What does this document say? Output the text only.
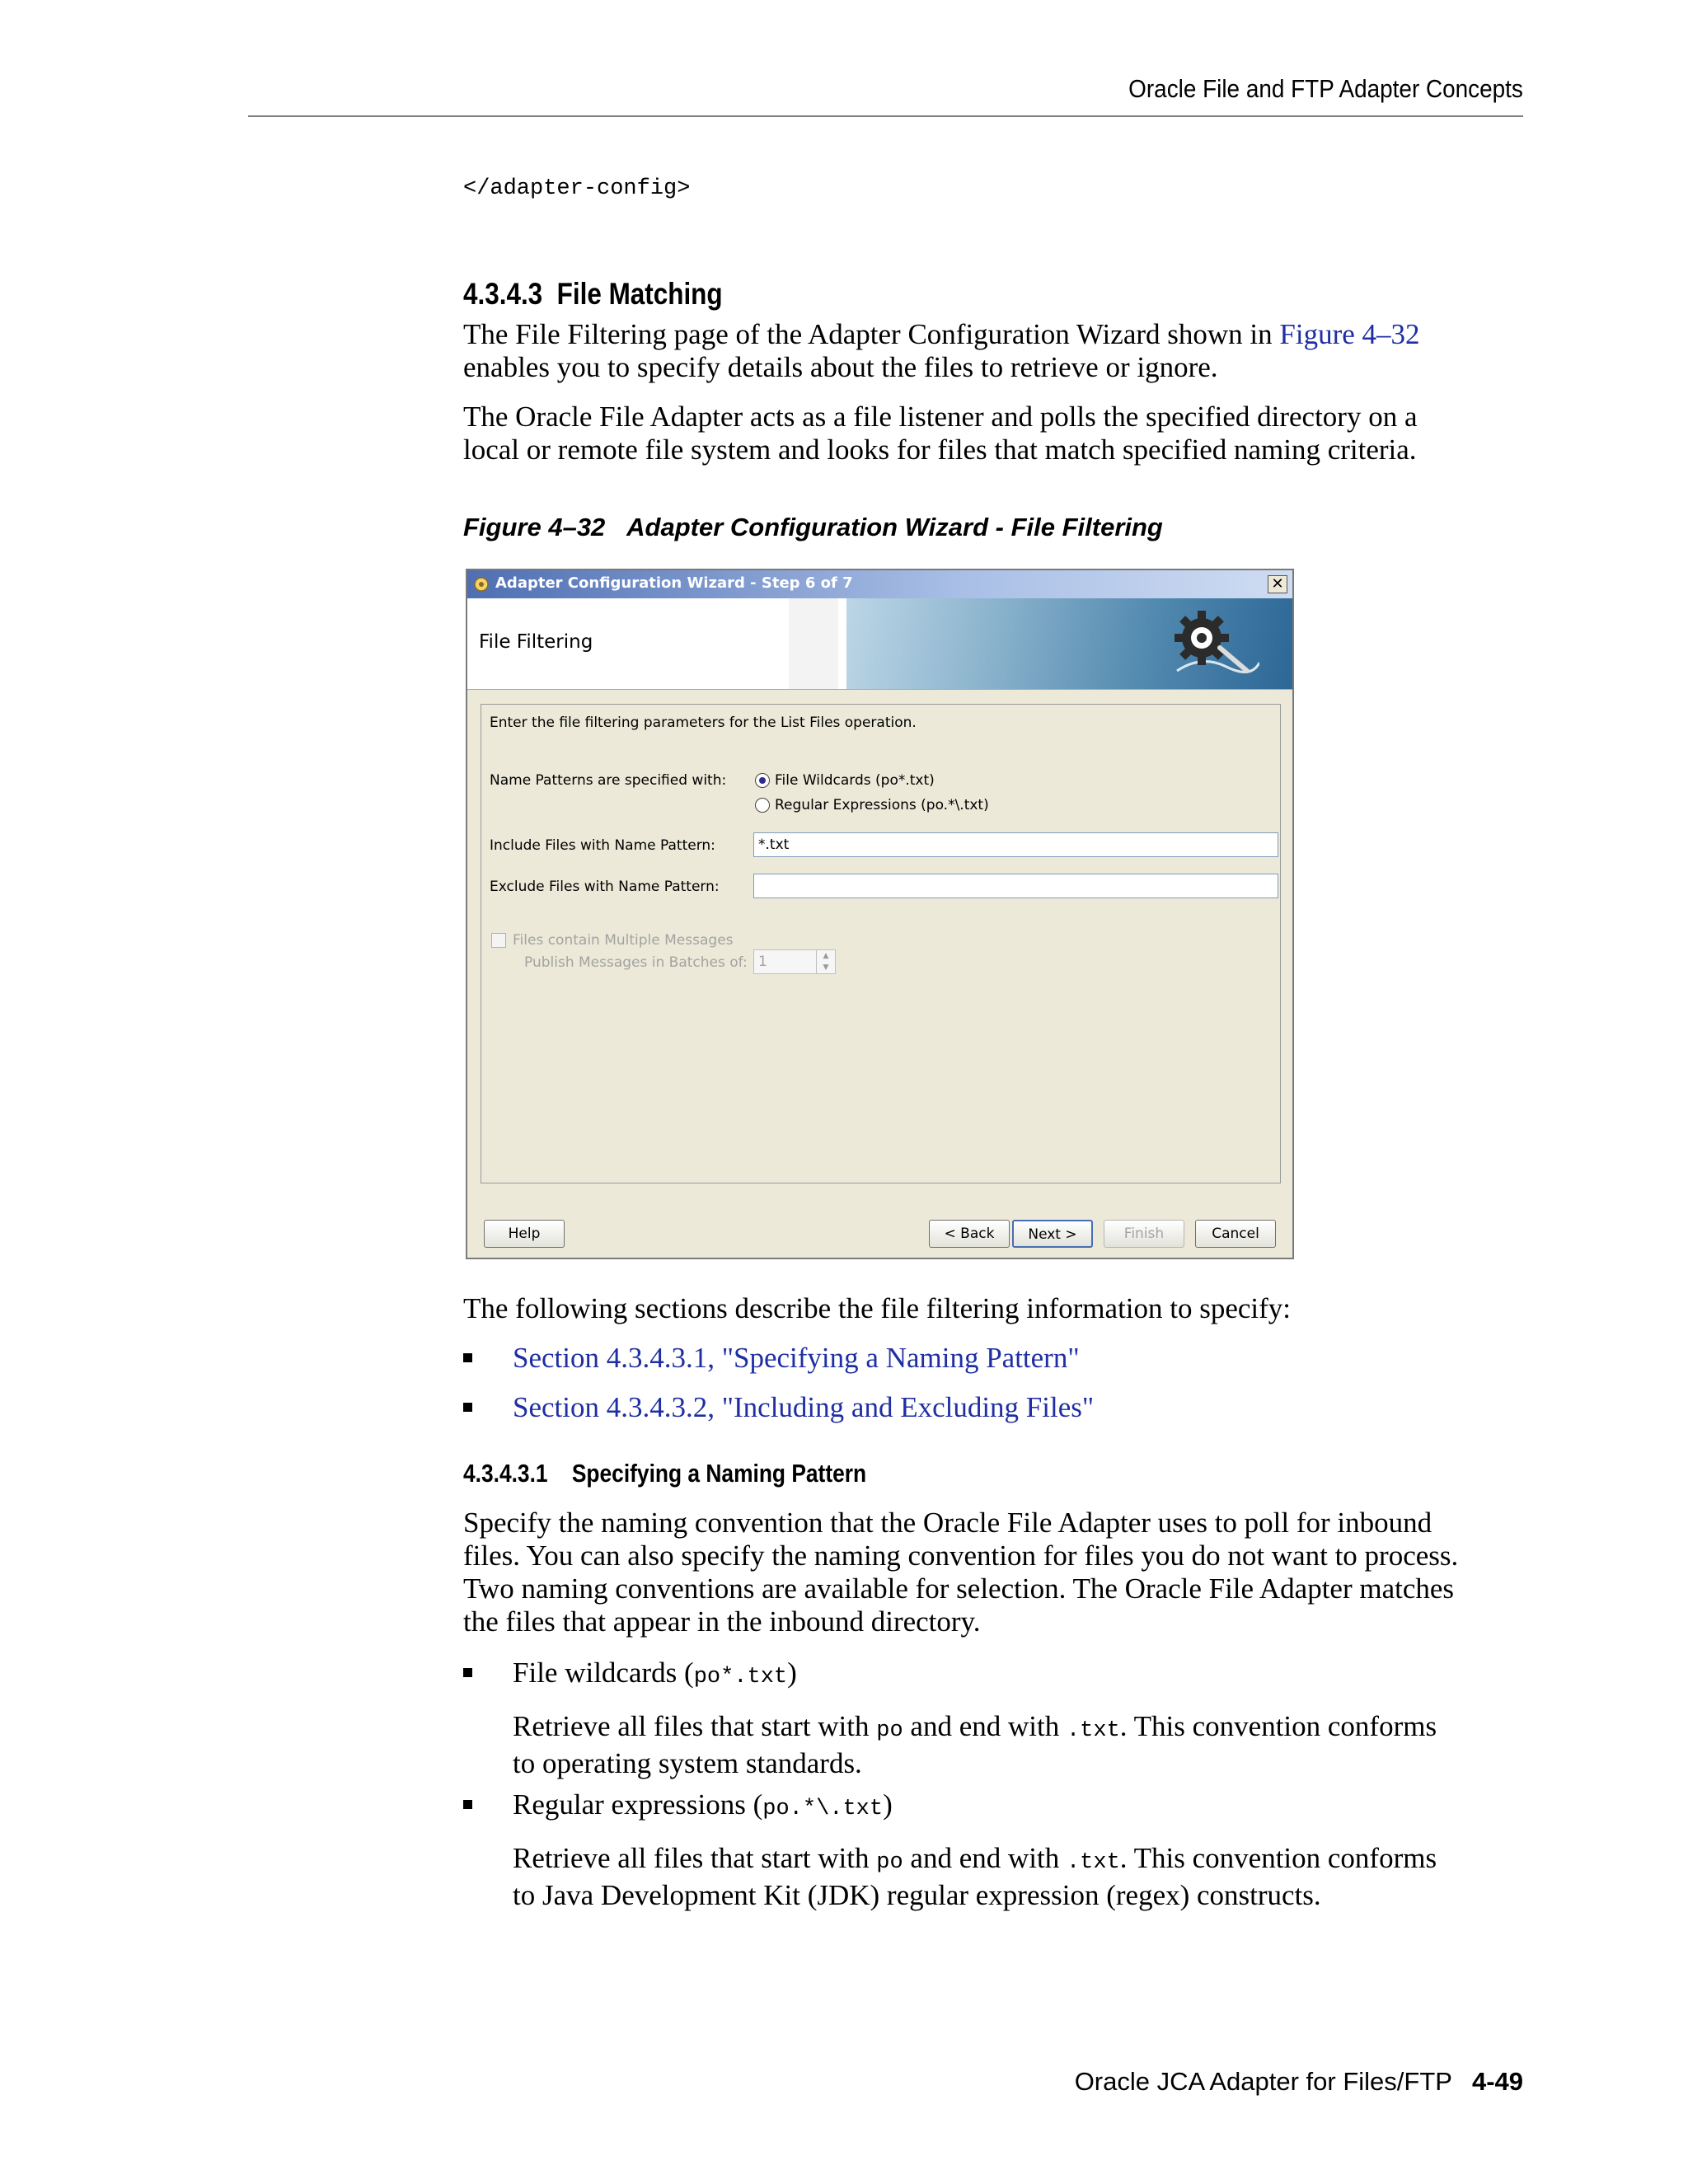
Oracle File and FTP Adapter Concepts
</adapter-config>
4.3.4.3 File Matching

The File Filtering page of the Adapter Configuration Wizard shown in Figure 4–32

enables you to specify details about the files to retrieve or ignore.

The Oracle File Adapter acts as a file listener and polls the specified directory on a

local or remote file system and looks for files that match specified naming criteria.

Figure 4–32 Adapter Configuration Wizard - File Filtering
Adapter Configuration Wizard - Step 6 of 7	✕
File Filtering
Enter the file filtering parameters for the List Files operation.
Name Patterns are specified with:	File Wildcards (po*.txt)
Regular Expressions (po.*\.txt)
Include Files with Name Pattern:	*.txt
Exclude Files with Name Pattern:
Files contain Multiple Messages
Publish Messages in Batches of: 1	▲
▼
Help	< Back	Next >	Finish	Cancel

The following sections describe the file filtering information to specify:

Section 4.3.4.3.1, "Specifying a Naming Pattern"
Section 4.3.4.3.2, "Including and Excluding Files"
4.3.4.3.1 Specifying a Naming Pattern

Specify the naming convention that the Oracle File Adapter uses to poll for inbound

files. You can also specify the naming convention for files you do not want to process.

Two naming conventions are available for selection. The Oracle File Adapter matches

the files that appear in the inbound directory.

File wildcards (po*.txt)

Retrieve all files that start with po and end with .txt. This convention conforms

to operating system standards.

Regular expressions (po.*\.txt)

Retrieve all files that start with po and end with .txt. This convention conforms

to Java Development Kit (JDK) regular expression (regex) constructs.

Oracle JCA Adapter for Files/FTP 4-49
